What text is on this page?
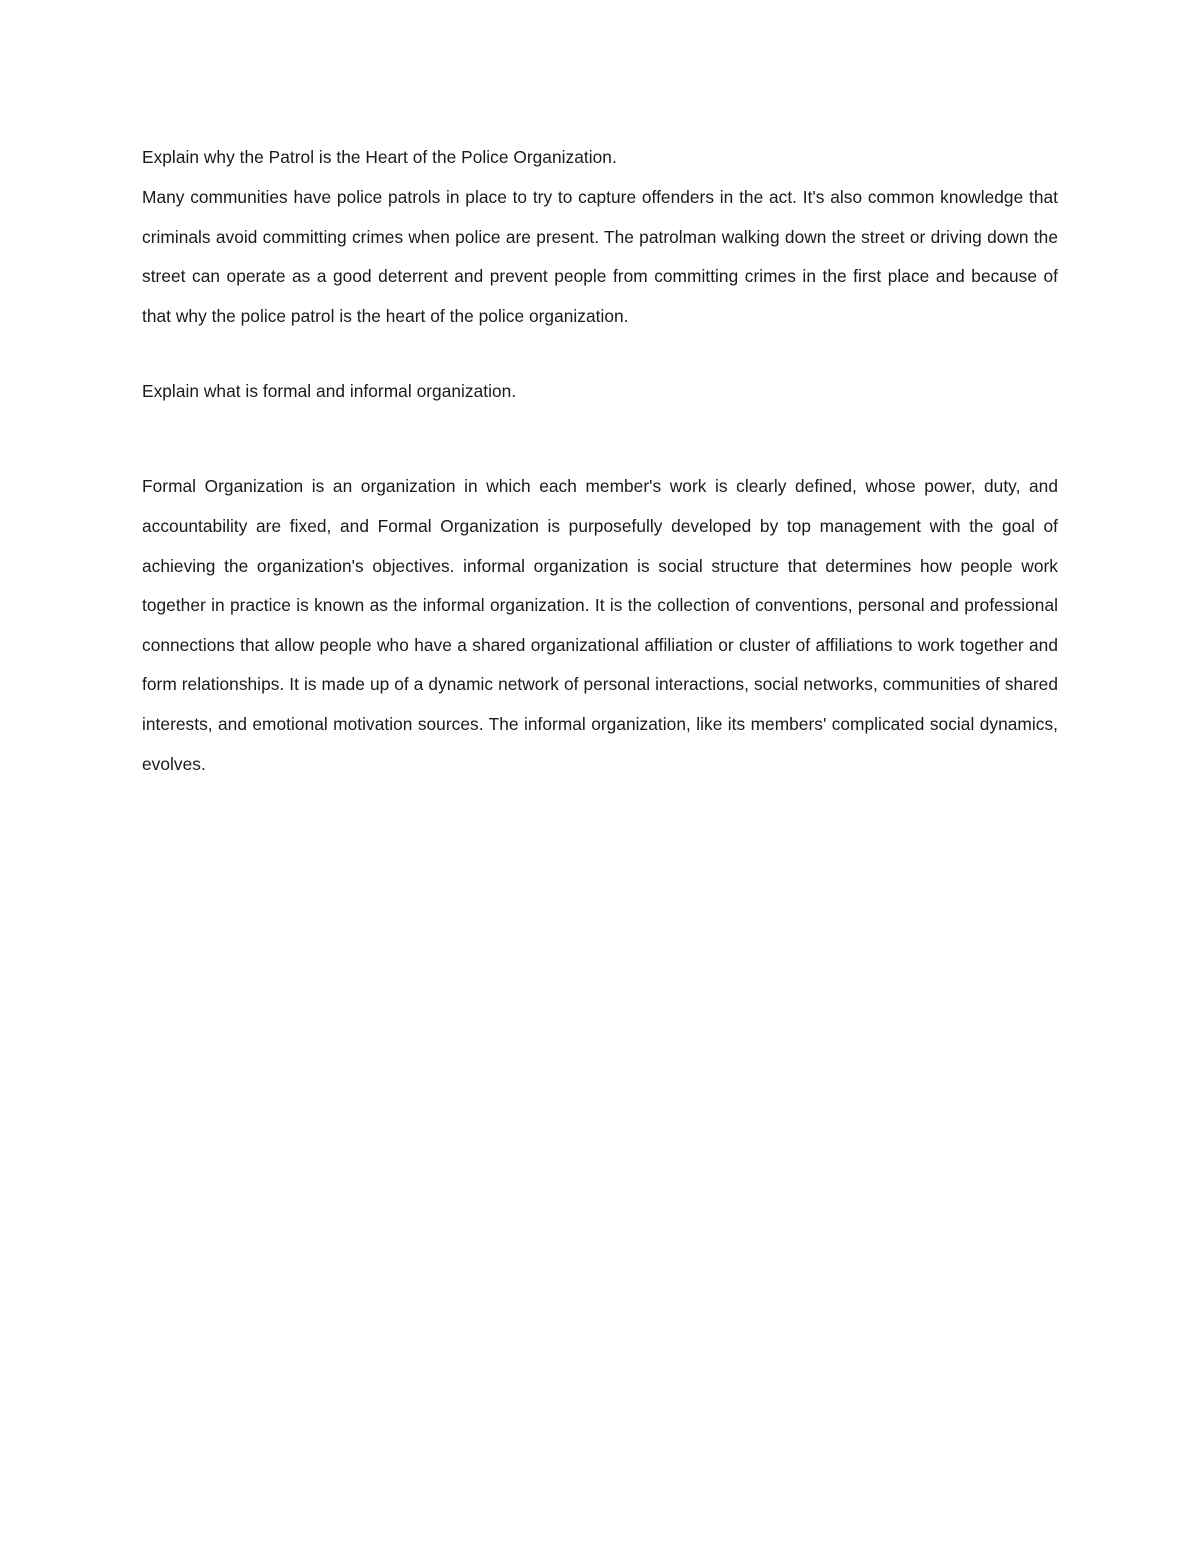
Explain why the Patrol is the Heart of the Police Organization.

Many communities have police patrols in place to try to capture offenders in the act. It's also common knowledge that criminals avoid committing crimes when police are present. The patrolman walking down the street or driving down the street can operate as a good deterrent and prevent people from committing crimes in the first place and because of that why the police patrol is the heart of the police organization.

Explain what is formal and informal organization.

Formal Organization is an organization in which each member's work is clearly defined, whose power, duty, and accountability are fixed, and Formal Organization is purposefully developed by top management with the goal of achieving the organization's objectives. informal organization is social structure that determines how people work together in practice is known as the informal organization. It is the collection of conventions, personal and professional connections that allow people who have a shared organizational affiliation or cluster of affiliations to work together and form relationships. It is made up of a dynamic network of personal interactions, social networks, communities of shared interests, and emotional motivation sources. The informal organization, like its members' complicated social dynamics, evolves.
